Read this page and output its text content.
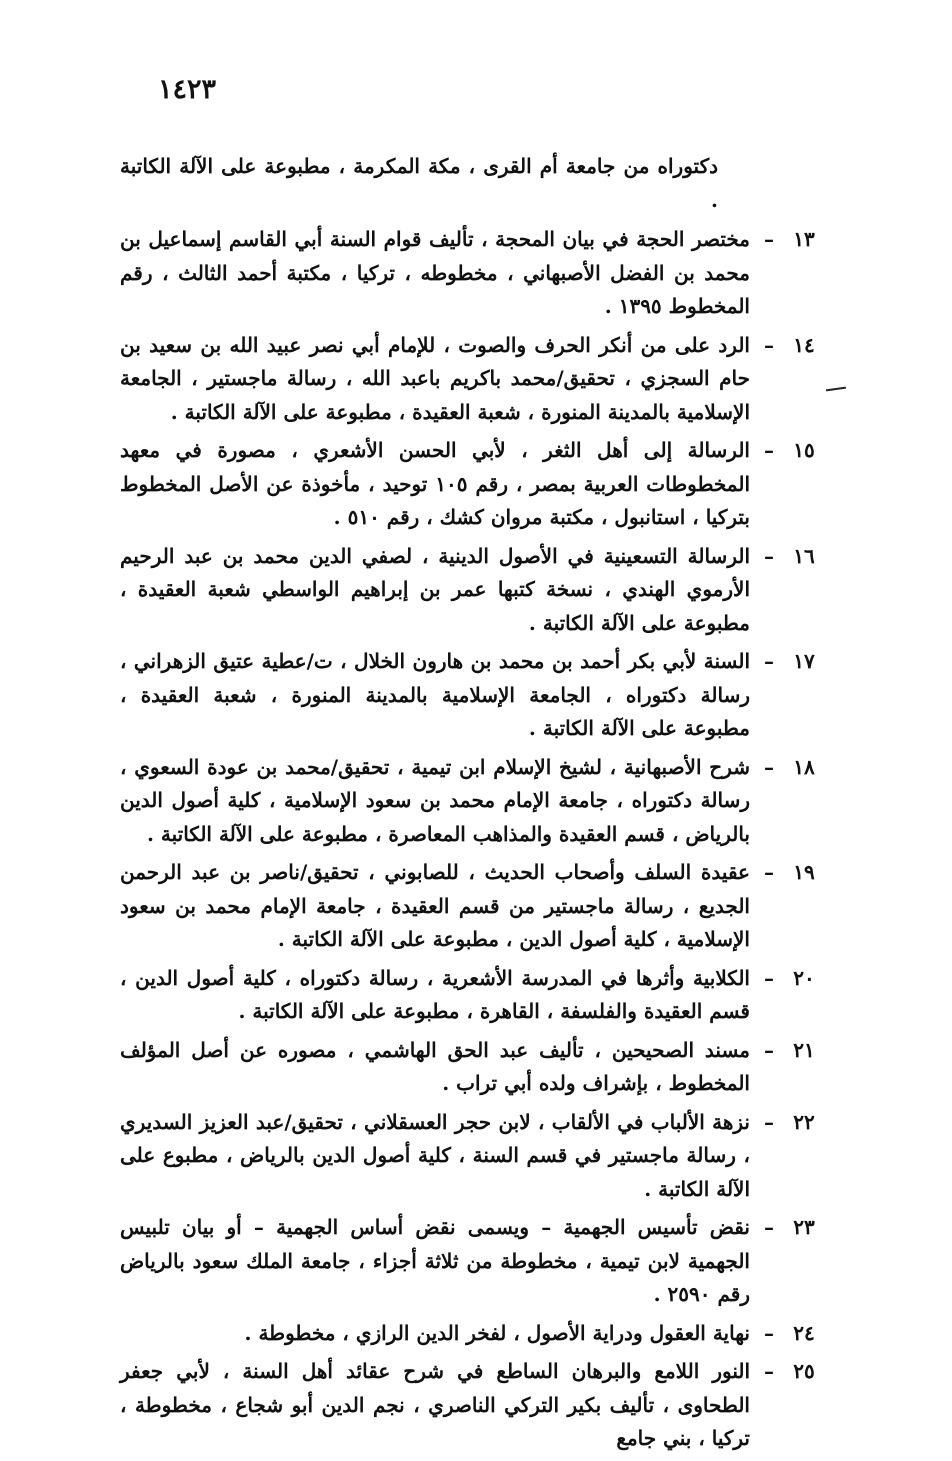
١٤٢٣
دكتوراه من جامعة أم القرى ، مكة المكرمة ، مطبوعة على الآلة الكاتبة .
١٣
–
مختصر الحجة في بيان المحجة ، تأليف قوام السنة أبي القاسم إسماعيل بن محمد بن الفضل الأصبهاني ، مخطوطه ، تركيا ، مكتبة أحمد الثالث ، رقم المخطوط ١٣٩٥ .
١٤
–
الرد على من أنكر الحرف والصوت ، للإمام أبي نصر عبيد الله بن سعيد بن حام السجزي ، تحقيق/محمد باكريم باعبد الله ، رسالة ماجستير ، الجامعة الإسلامية بالمدينة المنورة ، شعبة العقيدة ، مطبوعة على الآلة الكاتبة .
١٥
–
الرسالة إلى أهل الثغر ، لأبي الحسن الأشعري ، مصورة في معهد المخطوطات العربية بمصر ، رقم ١٠٥ توحيد ، مأخوذة عن الأصل المخطوط بتركيا ، استانبول ، مكتبة مروان كشك ، رقم ٥١٠ .
١٦
–
الرسالة التسعينية في الأصول الدينية ، لصفي الدين محمد بن عبد الرحيم الأرموي الهندي ، نسخة كتبها عمر بن إبراهيم الواسطي شعبة العقيدة ، مطبوعة على الآلة الكاتبة .
١٧
–
السنة لأبي بكر أحمد بن محمد بن هارون الخلال ، ت/عطية عتيق الزهراني ، رسالة دكتوراه ، الجامعة الإسلامية بالمدينة المنورة ، شعبة العقيدة ، مطبوعة على الآلة الكاتبة .
١٨
–
شرح الأصبهانية ، لشيخ الإسلام ابن تيمية ، تحقيق/محمد بن عودة السعوي ، رسالة دكتوراه ، جامعة الإمام محمد بن سعود الإسلامية ، كلية أصول الدين بالرياض ، قسم العقيدة والمذاهب المعاصرة ، مطبوعة على الآلة الكاتبة .
١٩
–
عقيدة السلف وأصحاب الحديث ، للصابوني ، تحقيق/ناصر بن عبد الرحمن الجديع ، رسالة ماجستير من قسم العقيدة ، جامعة الإمام محمد بن سعود الإسلامية ، كلية أصول الدين ، مطبوعة على الآلة الكاتبة .
٢٠
–
الكلابية وأثرها في المدرسة الأشعرية ، رسالة دكتوراه ، كلية أصول الدين ، قسم العقيدة والفلسفة ، القاهرة ، مطبوعة على الآلة الكاتبة .
٢١
–
مسند الصحيحين ، تأليف عبد الحق الهاشمي ، مصوره عن أصل المؤلف المخطوط ، بإشراف ولده أبي تراب .
٢٢
–
نزهة الألباب في الألقاب ، لابن حجر العسقلاني ، تحقيق/عبد العزيز السديري ، رسالة ماجستير في قسم السنة ، كلية أصول الدين بالرياض ، مطبوع على الآلة الكاتبة .
٢٣
–
نقض تأسيس الجهمية – ويسمى نقض أساس الجهمية – أو بيان تلبيس الجهمية لابن تيمية ، مخطوطة من ثلاثة أجزاء ، جامعة الملك سعود بالرياض رقم ٢٥٩٠ .
٢٤
–
نهاية العقول ودراية الأصول ، لفخر الدين الرازي ، مخطوطة .
٢٥
–
النور اللامع والبرهان الساطع في شرح عقائد أهل السنة ، لأبي جعفر الطحاوى ، تأليف بكير التركي الناصري ، نجم الدين أبو شجاع ، مخطوطة ، تركيا ، بني جامع
